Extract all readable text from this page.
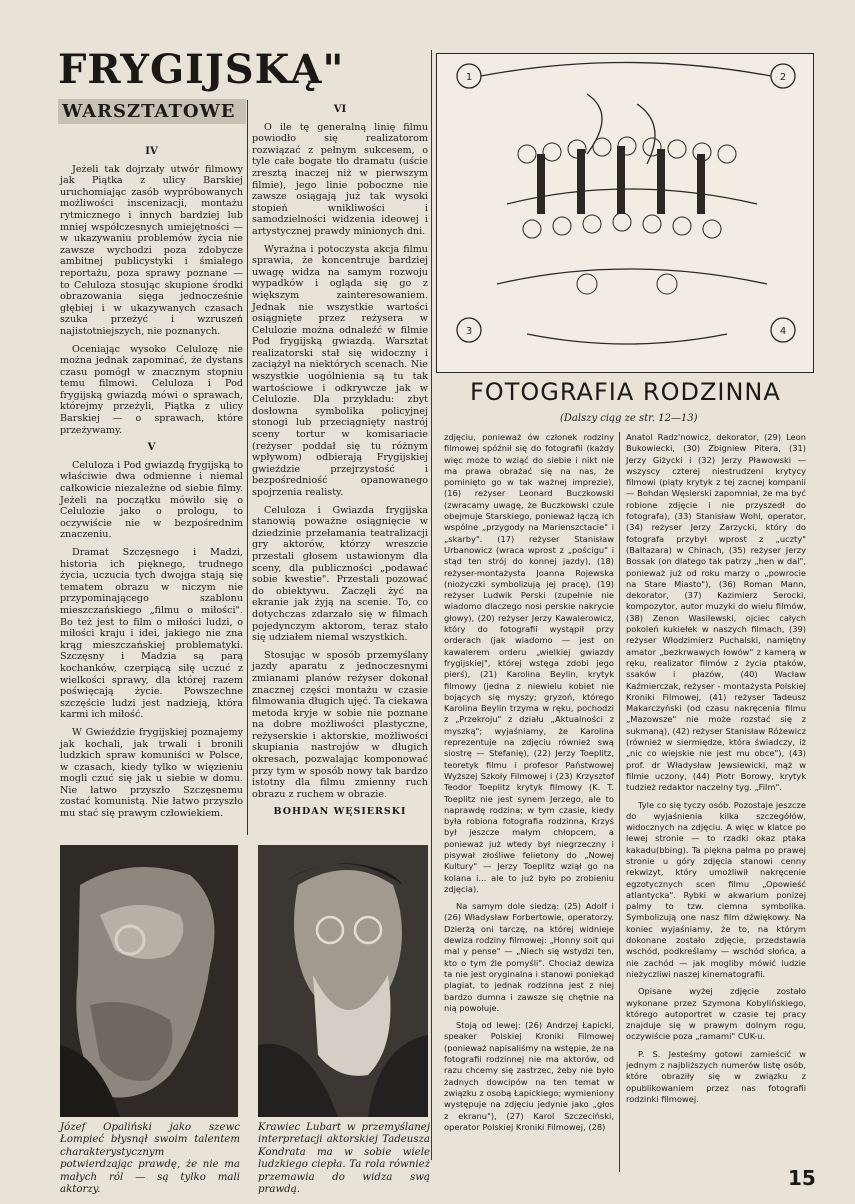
FRYGIJSKĄ"
WARSZTATOWE
IV

Jeżeli tak dojrzały utwór filmowy jak Piątka z ulicy Barskiej uruchomiając zasób wypróbowanych możliwości inscenizacji, montażu rytmicznego i innych bardziej lub mniej współczesnych umiejętności — w ukazywaniu problemów życia nie zawsze wychodzi poza zdobycze ambitnej publicystyki i śmiałego reportażu, poza sprawy poznane — to Celuloza stosując skupione środki obrazowania sięga jednocześnie głębiej i w ukazywanych czasach szuka przeżyć i wzruszeń najistotniejszych, nie poznanych.

Oceniając wysoko Celulozę nie można jednak zapominać, że dystans czasu pomógł w znacznym stopniu temu filmowi. Celuloza i Pod frygijską gwiazdą mówi o sprawach, którejmy przeżyli, Piątka z ulicy Barskiej — o sprawach, które przeżywamy.

V

Celuloza i Pod gwiazdą frygijską to właściwie dwa odmienne i niemal całkowicie niezależne od siebie filmy. Jeżeli na początku mówiło się o Celulozie jako o prologu, to oczywiście nie w bezpośrednim znaczeniu.

Dramat Szczęsnego i Madzi, historia ich pięknego, trudnego życia, uczucia tych dwojga stają się tematem obrazu w niczym nie przypominającego szablonu mieszczańskiego „filmu o miłości". Bo też jest to film o miłości ludzi, o miłości kraju i idei, jakiego nie zna krąg mieszczańskiej problematyki. Szczęsny i Madzia są parą kochanków, czerpiącą siłę uczuć z wielkości sprawy, dla której razem poświęcają życie. Powszechne szczęście ludzi jest nadzieją, która karmi ich miłość.

W Gwieździe frygijskiej poznajemy jak kochali, jak trwali i bronili ludzkich spraw komuniści w Polsce, w czasach, kiedy tylko w więzieniu mogli czuć się jak u siebie w domu. Nie łatwo przyszło Szczęsnemu zostać komunistą. Nie łatwo przyszło mu stać się prawym człowiekiem.

VI

O ile tę generalną linię filmu powiodło się realizatorom rozwiązać z pełnym sukcesem, o tyle całe bogate tło dramatu (uście zresztą inaczej niż w pierwszym filmie), jego linie poboczne nie zawsze osiągają już tak wysoki stopień wnikliwości i samodzielności widzenia ideowej i artystycznej prawdy minionych dni.

Wyraźna i potoczysta akcja filmu sprawia, że koncentruje bardziej uwagę widza na samym rozwoju wypadków i ogląda się go z większym zainteresowaniem. Jednak nie wszystkie wartości osiągnięte przez reżysera w Celulozie można odnaleźć w filmie Pod frygijską gwiazdą. Warsztat realizatorski stał się widoczny i zaciążył na niektórych scenach. Nie wszystkie uogólnienia są tu tak wartościowe i odkrywcze jak w Celulozie. Dla przykładu: zbyt dosłowna symbolika policyjnej stonogi lub przeciągnięty nastrój sceny tortur w komisariacie (reżyser poddał się tu różnym wpływom) odbierają Frygijskiej gwieździe przejrzystość i bezpośredniość opanowanego spojrzenia realisty.

Celuloza i Gwiazda frygijska stanowią poważne osiągnięcie w dziedzinie przełamania teatralizacji gry aktorów, którzy wreszcie przestali głosem ustawionym dla sceny, dla publiczności „podawać sobie kwestie". Przestali pozować do obiektywu. Zaczęli żyć na ekranie jak żyją na scenie. To, co dotychczas zdarzało się w filmach pojedynczym aktorom, teraz stało się udziałem niemal wszystkich.

Stosując w sposób przemyślany jazdy aparatu z jednoczesnymi zmianami planów reżyser dokonał znacznej części montażu w czasie filmowania długich ujęć. Ta ciekawa metoda kryje w sobie nie poznane na dobre możliwości plastyczne, reżyserskie i aktorskie, możliwości skupiania nastrojów w długich okresach, pozwalając komponować przy tym w sposób nowy tak bardzo istotny dla filmu zmienny ruch obrazu z ruchem w obrazie.

BOHDAN WĘSIERSKI
Józef Opaliński jako szewc Łompieć błysnął swoim talentem charakterystycznym potwierdzając prawdę, że nie ma małych ról — są tylko mali aktorzy.
Krawiec Lubart w przemyślanej interpretacji aktorskiej Tadeusza Kondrata ma w sobie wiele ludzkiego ciepła. Ta rola również przemawia do widza swą prawdą.
1	2
3	4
FOTOGRAFIA RODZINNA
(Dalszy ciąg ze str. 12—13)

zdjęciu, ponieważ ów członek rodziny filmowej spóźnił się do fotografii (każdy więc może to wziąć do siebie i nikt nie ma prawa obrażać się na nas, że pominięto go w tak ważnej imprezie), (16) reżyser Leonard Buczkowski (zwracamy uwagę, że Buczkowski czule obejmuje Starskiego, ponieważ łączą ich wspólne „przygody na Marienszctacie" i „skarby". (17) reżyser Stanisław Urbanowicz (wraca wprost z „pościgu" i stąd ten strój do konnej jazdy), (18) reżyser-montażysta Joanna Rojewska (niożyczki symbolizują jej pracę), (19) reżyser Ludwik Perski (zupełnie nie wiadomo dlaczego nosi perskie nakrycie głowy), (20) reżyser Jerzy Kawalerowicz, który do fotografii wystąpił przy orderach (jak wiadomo — jest on kawalerem orderu „wielkiej gwiazdy frygijskiej", której wstęga zdobi jego pierś), (21) Karolina Beylin, krytyk filmowy (jedna z niewielu kobiet nie bojących się myszy; gryzoń, którego Karolina Beylin trzyma w ręku, pochodzi z „Przekroju" z działu „Aktualności z myszką"; wyjaśniamy, że Karolina reprezentuje na zdjęciu również swą siostrę — Stefanię), (22) Jerzy Toeplitz, teoretyk filmu i profesor Państwowej Wyższej Szkoły Filmowej i (23) Krzysztof Teodor Toeplitz krytyk filmowy (K. T. Toeplitz nie jest synem Jerzego, ale to naprawdę rodzina; w tym czasie, kiedy była robiona fotografia rodzinna, Krzyś był jeszcze małym chłopcem, a ponieważ już wtedy był niegrzeczny i pisywał złośliwe felietony do „Nowej Kultury" — Jerzy Toeplitz wziął go na kolana i... ale to już było po zrobieniu zdjęcia).

Na samym dole siedzą: (25) Adolf i (26) Władysław Forbertowie, operatorzy. Dzierżą oni tarczę, na której widnieje dewiza rodziny filmowej: „Honny soit qui mal y pense" — „Niech się wstydzi ten, kto o tym źle pomyśli". Chociaż dewiza ta nie jest oryginalna i stanowi poniekąd plagiat, to jednak rodzinna jest z niej bardzo dumna i zawsze się chętnie na nią powołuje.

Stoją od lewej: (26) Andrzej Łapicki, speaker Polskiej Kroniki Filmowej (ponieważ napisaliśmy na wstępie, że na fotografii rodzinnej nie ma aktorów, od razu chcemy się zastrzec, żeby nie było żadnych dowcipów na ten temat w związku z osobą Łapickiego; wymieniony występuje na zdjęciu jedynie jako „głos z ekranu"), (27) Karol Szczeciński, operator Polskiej Kroniki Filmowej, (28)

Anatol Radz'nowicz, dekorator, (29) Leon Bukowiecki, (30) Zbigniew Pitera, (31) Jerzy Giżycki i (32) Jerzy Pławowski — wszyscy czterej niestrudzeni krytycy filmowi (piąty krytyk z tej zacnej kompanii — Bohdan Węsierski zapomniał, że ma być robione zdjęcie i nie przyszedł do fotografa), (33) Stanisław Wohl, operator, (34) reżyser Jerzy Zarzycki, który do fotografa przybył wprost z „uczty" (Baltazara) w Chinach, (35) reżyser Jerzy Bossak (on dlatego tak patrzy „hen w dal", ponieważ już od roku marzy o „powrocie na Stare Miasto"), (36) Roman Mann, dekorator, (37) Kazimierz Serocki, kompozytor, autor muzyki do wielu filmów, (38) Zenon Wasilewski, ojciec całych pokoleń kukiełek w naszych filmach, (39) reżyser Włodzimierz Puchalski, namiętny amator „bezkrwawych łowów" z kamerą w ręku, realizator filmów z życia ptaków, ssaków i płazów, (40) Wacław Kaźmierczak, reżyser - montażysta Polskiej Kroniki Filmowej, (41) reżyser Tadeusz Makarczyński (od czasu nakręcenia filmu „Mazowsze" nie może rozstać się z sukmaną), (42) reżyser Stanisław Różewicz (również w siermiędze, która świadczy, iż „nic co wiejskie nie jest mu obce"), (43) prof. dr Władysław Jewsiewicki, mąż w filmie uczony, (44) Piotr Borowy, krytyk tudzież redaktor naczelny tyg. „Film".

Tyle co się tyczy osób. Pozostaje jeszcze do wyjaśnienia kilka szczegółów, widocznych na zdjęciu. A więc w klatce po lewej stronie — to rzadki okaz ptaka kakadu(bbing). Ta piękna palma po prawej stronie u góry zdjęcia stanowi cenny rekwizyt, który umożliwił nakręcenie egzotycznych scen filmu „Opowieść atlantycka". Rybki w akwarium ponizej palmy to tzw. ciemna symbolika. Symbolizują one nasz film dźwiękowy. Na koniec wyjaśniamy, że to, na którym dokonane zostało zdjęcie, przedstawia wschód, podkreślamy — wschód słońca, a nie zachód — jak mogliby mówić ludzie nieżyczliwi naszej kinematografii.

Opisane wyżej zdjęcie zostało wykonane przez Szymona Kobylińskiego, którego autoportret w czasie tej pracy znajduje się w prawym dolnym rogu, oczywiście poza „ramami" CUK-u.

P. S. Jesteśmy gotowi zamieścić w jednym z najbliższych numerów listę osób, które obraziły się w związku z opublikowaniem przez nas fotografii rodzinki filmowej.

15
